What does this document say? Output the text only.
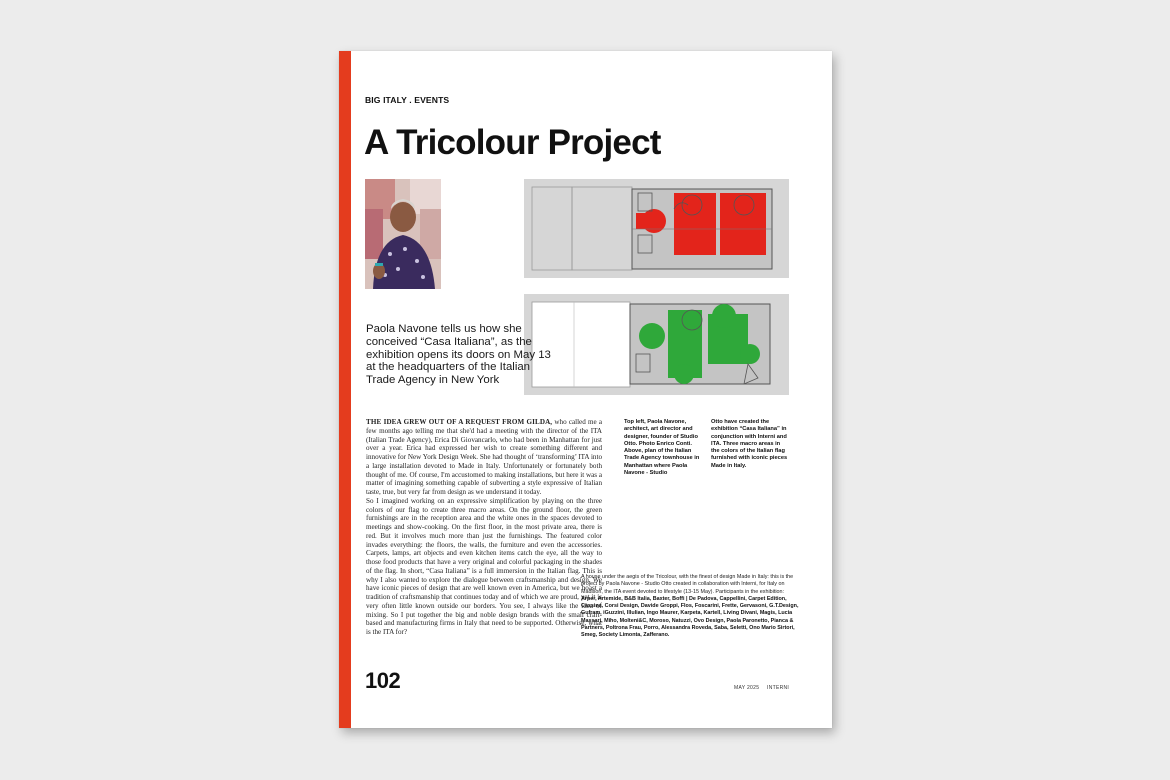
BIG ITALY . EVENTS
A Tricolour Project
Paola Navone tells us how she conceived “Casa Italiana”, as the exhibition opens its doors on May 13 at the headquarters of the Italian Trade Agency in New York

THE IDEA GREW OUT OF A REQUEST FROM GILDA, who called me a few months ago telling me that she'd had a meeting with the director of the ITA (Italian Trade Agency), Erica Di Giovancarlo, who had been in Manhattan for just over a year. Erica had expressed her wish to create something different and innovative for New York Design Week. She had thought of ‘transforming’ ITA into a large installation devoted to Made in Italy. Unfortunately or fortunately both thought of me. Of course, I'm accustomed to making installations, but here it was a matter of imagining something capable of subverting a style expressive of Italian taste, true, but very far from design as we understand it today.

So I imagined working on an expressive simplification by playing on the three colors of our flag to create three macro areas. On the ground floor, the green furnishings are in the reception area and the white ones in the spaces devoted to meetings and show-cooking. On the first floor, in the most private area, there is red. But it involves much more than just the furnishings. The featured color invades everything: the floors, the walls, the furniture and even the accessories. Carpets, lamps, art objects and even kitchen items catch the eye, all the way to those food products that have a very original and colorful packaging in the shades of the flag. In short, “Casa Italiana” is a full immersion in the Italian flag. This is why I also wanted to explore the dialogue between craftsmanship and design. We have iconic pieces of design that are well known even in America, but we boast a tradition of craftsmanship that continues today and of which we are proud, yet it is very often little known outside our borders. You see, I always like the idea of mixing. So I put together the big and noble design brands with the small craft-based and manufacturing firms in Italy that need to be supported. Otherwise, what is the ITA for?

Top left, Paola Navone, architect, art director and designer, founder of Studio Otto. Photo Enrico Conti. Above, plan of the Italian Trade Agency townhouse in Manhattan where Paola Navone - Studio
Otto have created the exhibition “Casa Italiana” in conjunction with Interni and ITA. Three macro areas in the colors of the Italian flag furnished with iconic pieces Made in Italy.
A house under the aegis of the Tricolour, with the finest of design Made in Italy: this is the project by Paola Navone - Studio Otto created in collaboration with Interni, for Italy on Madison, the ITA event devoted to lifestyle (13-15 May). Participants in the exhibition: Arper, Artemide, B&B Italia, Baxter, Boffi | De Padova, Cappellini, Carpet Edition, Cassina, Corsi Design, Davide Groppi, Flos, Foscarini, Frette, Gervasoni, G.T.Design, Gufram, iGuzzini, Illulian, Ingo Maurer, Karpeta, Kartell, Living Divani, Magis, Lucia Massari, Miho, Molteni&C, Moroso, Natuzzi, Ovo Design, Paola Paronetto, Pianca & Partners, Poltrona Frau, Porro, Alessandra Roveda, Saba, Seletti, Ono Mario Sirtori, Smeg, Society Limonta, Zafferano.
102	MAY 2025 INTERNI
